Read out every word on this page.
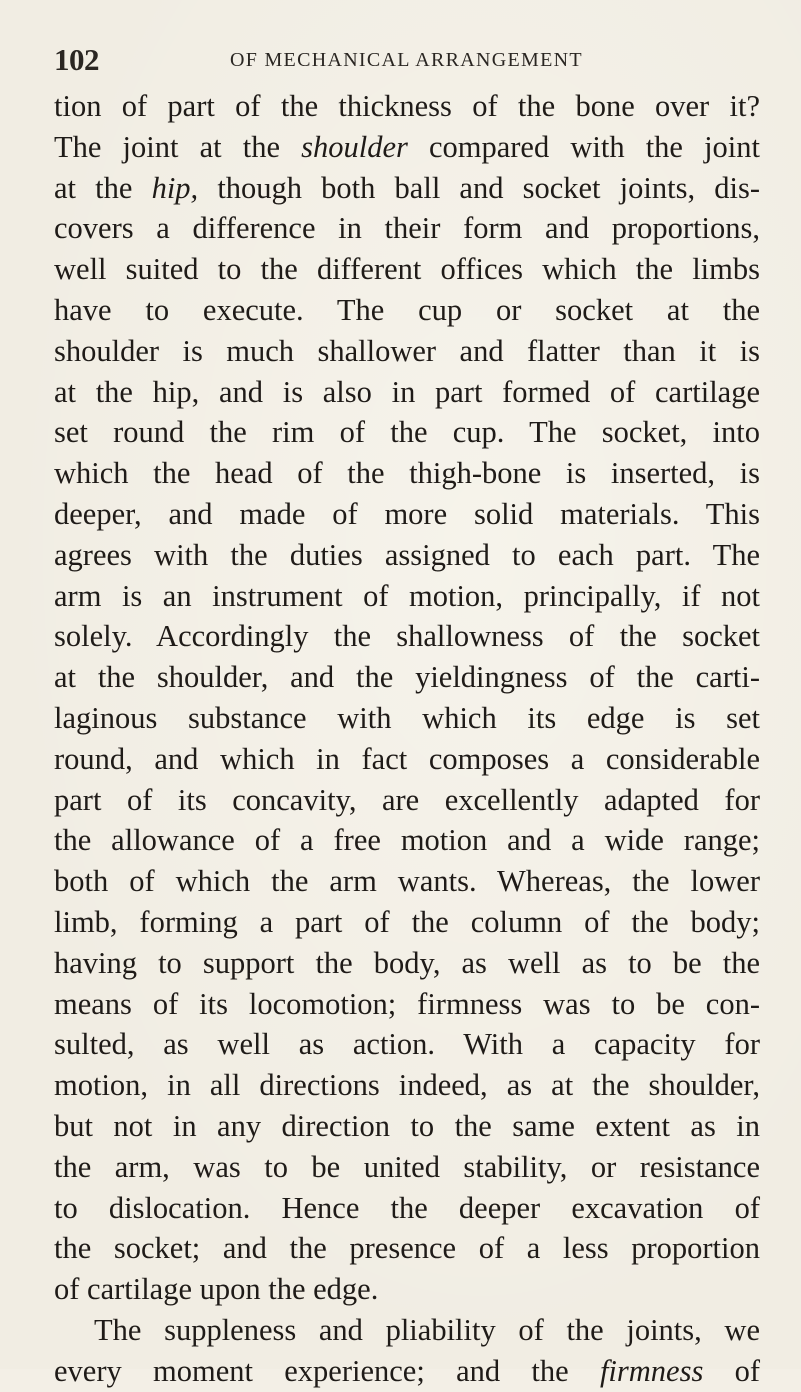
102	OF MECHANICAL ARRANGEMENT
tion of part of the thickness of the bone over it?
The joint at the shoulder compared with the joint
at the hip, though both ball and socket joints, dis-
covers a difference in their form and proportions,
well suited to the different offices which the limbs
have to execute. The cup or socket at the
shoulder is much shallower and flatter than it is
at the hip, and is also in part formed of cartilage
set round the rim of the cup. The socket, into
which the head of the thigh-bone is inserted, is
deeper, and made of more solid materials. This
agrees with the duties assigned to each part. The
arm is an instrument of motion, principally, if not
solely. Accordingly the shallowness of the socket
at the shoulder, and the yieldingness of the carti-
laginous substance with which its edge is set
round, and which in fact composes a considerable
part of its concavity, are excellently adapted for
the allowance of a free motion and a wide range;
both of which the arm wants. Whereas, the lower
limb, forming a part of the column of the body;
having to support the body, as well as to be the
means of its locomotion; firmness was to be con-
sulted, as well as action. With a capacity for
motion, in all directions indeed, as at the shoulder,
but not in any direction to the same extent as in
the arm, was to be united stability, or resistance
to dislocation. Hence the deeper excavation of
the socket; and the presence of a less proportion
of cartilage upon the edge.
The suppleness and pliability of the joints, we
every moment experience; and the firmness of
